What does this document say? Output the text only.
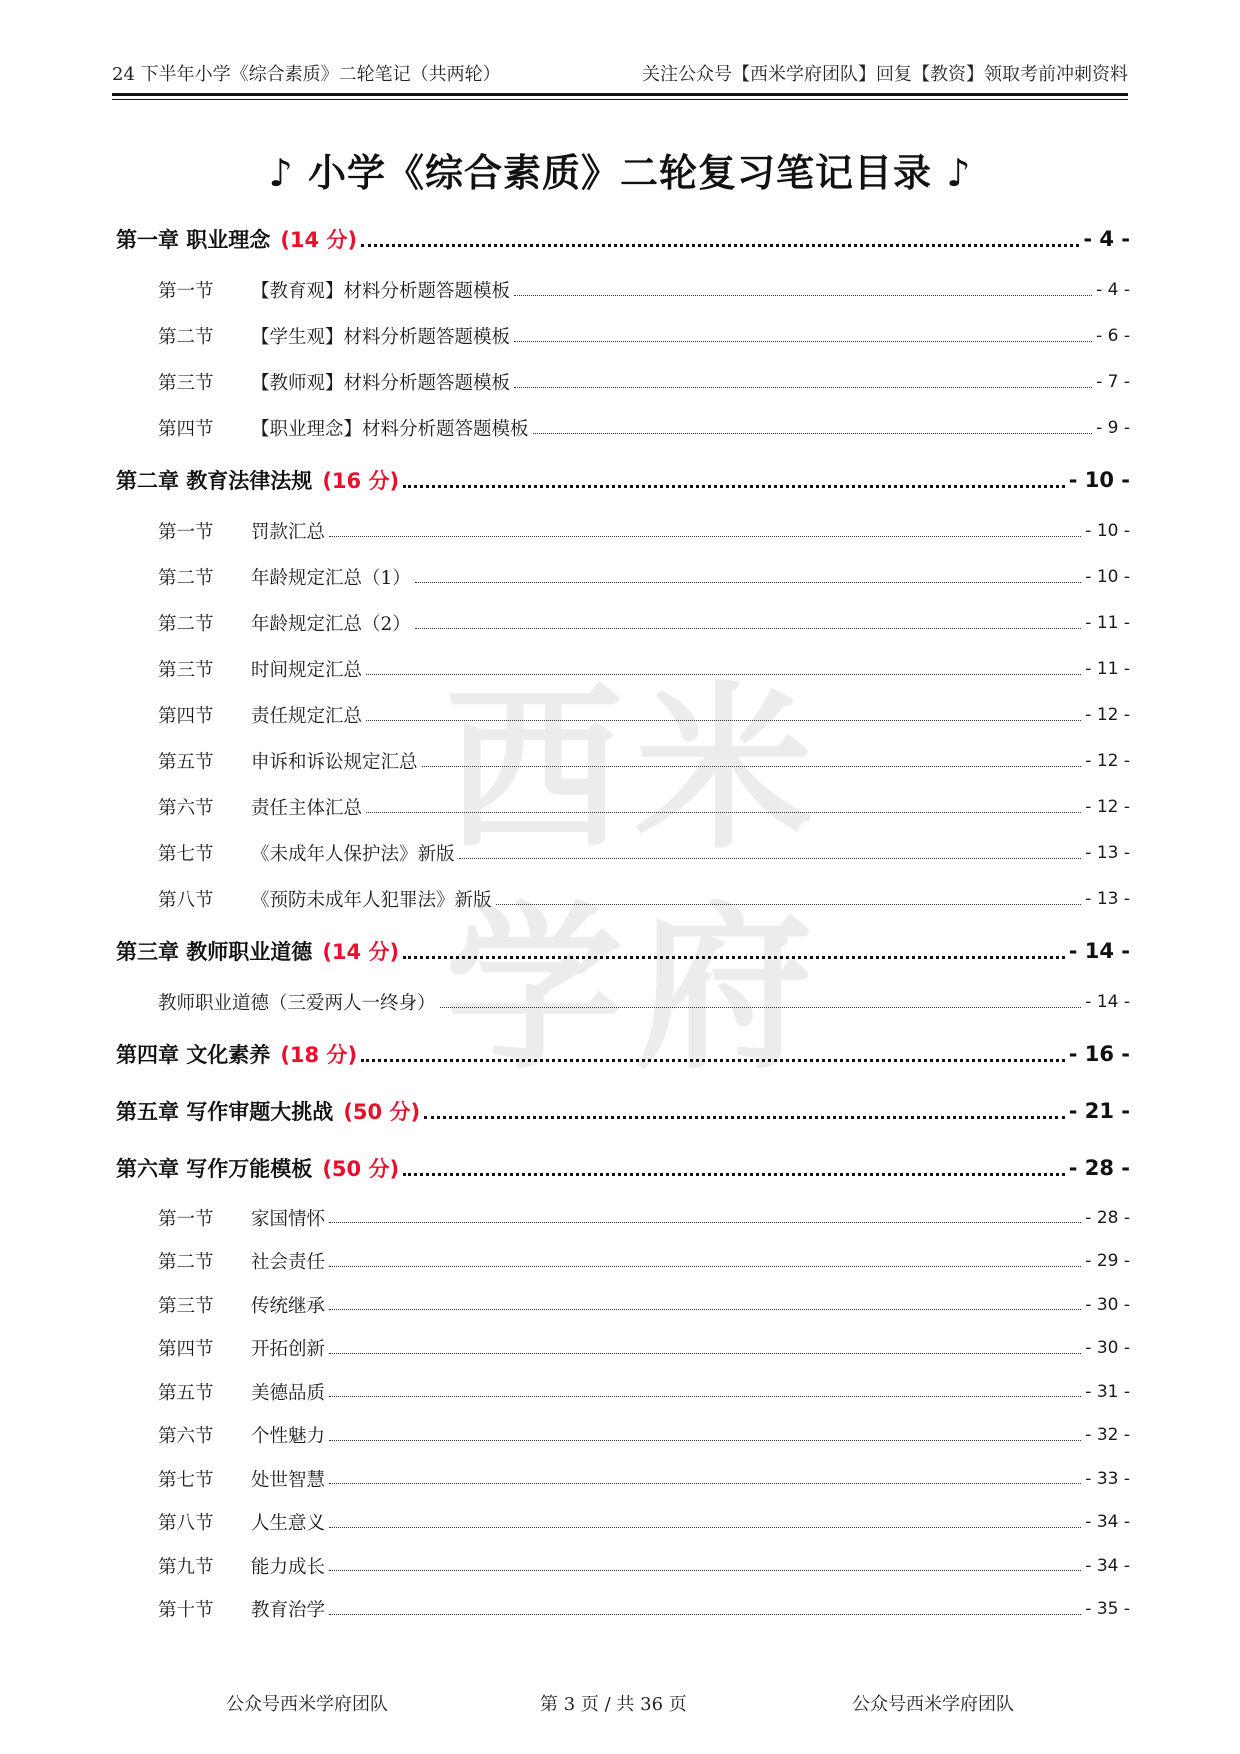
24 下半年小学《综合素质》二轮笔记（共两轮）	关注公众号【西米学府团队】回复【教资】领取考前冲刺资料
西 米
学 府
♪ 小学《综合素质》二轮复习笔记目录 ♪
第一章 职业理念 (14 分)	- 4 -
第一节	【教育观】材料分析题答题模板	- 4 -
第二节	【学生观】材料分析题答题模板	- 6 -
第三节	【教师观】材料分析题答题模板	- 7 -
第四节	【职业理念】材料分析题答题模板	- 9 -
第二章 教育法律法规 (16 分)	- 10 -
第一节	罚款汇总	- 10 -
第二节	年龄规定汇总（1）	- 10 -
第二节	年龄规定汇总（2）	- 11 -
第三节	时间规定汇总	- 11 -
第四节	责任规定汇总	- 12 -
第五节	申诉和诉讼规定汇总	- 12 -
第六节	责任主体汇总	- 12 -
第七节	《未成年人保护法》新版	- 13 -
第八节	《预防未成年人犯罪法》新版	- 13 -
第三章 教师职业道德 (14 分)	- 14 -
教师职业道德（三爱两人一终身）	- 14 -
第四章 文化素养 (18 分)	- 16 -
第五章 写作审题大挑战 (50 分)	- 21 -
第六章 写作万能模板 (50 分)	- 28 -
第一节	家国情怀	- 28 -
第二节	社会责任	- 29 -
第三节	传统继承	- 30 -
第四节	开拓创新	- 30 -
第五节	美德品质	- 31 -
第六节	个性魅力	- 32 -
第七节	处世智慧	- 33 -
第八节	人生意义	- 34 -
第九节	能力成长	- 34 -
第十节	教育治学	- 35 -
公众号西米学府团队	第 3 页 / 共 36 页	公众号西米学府团队
